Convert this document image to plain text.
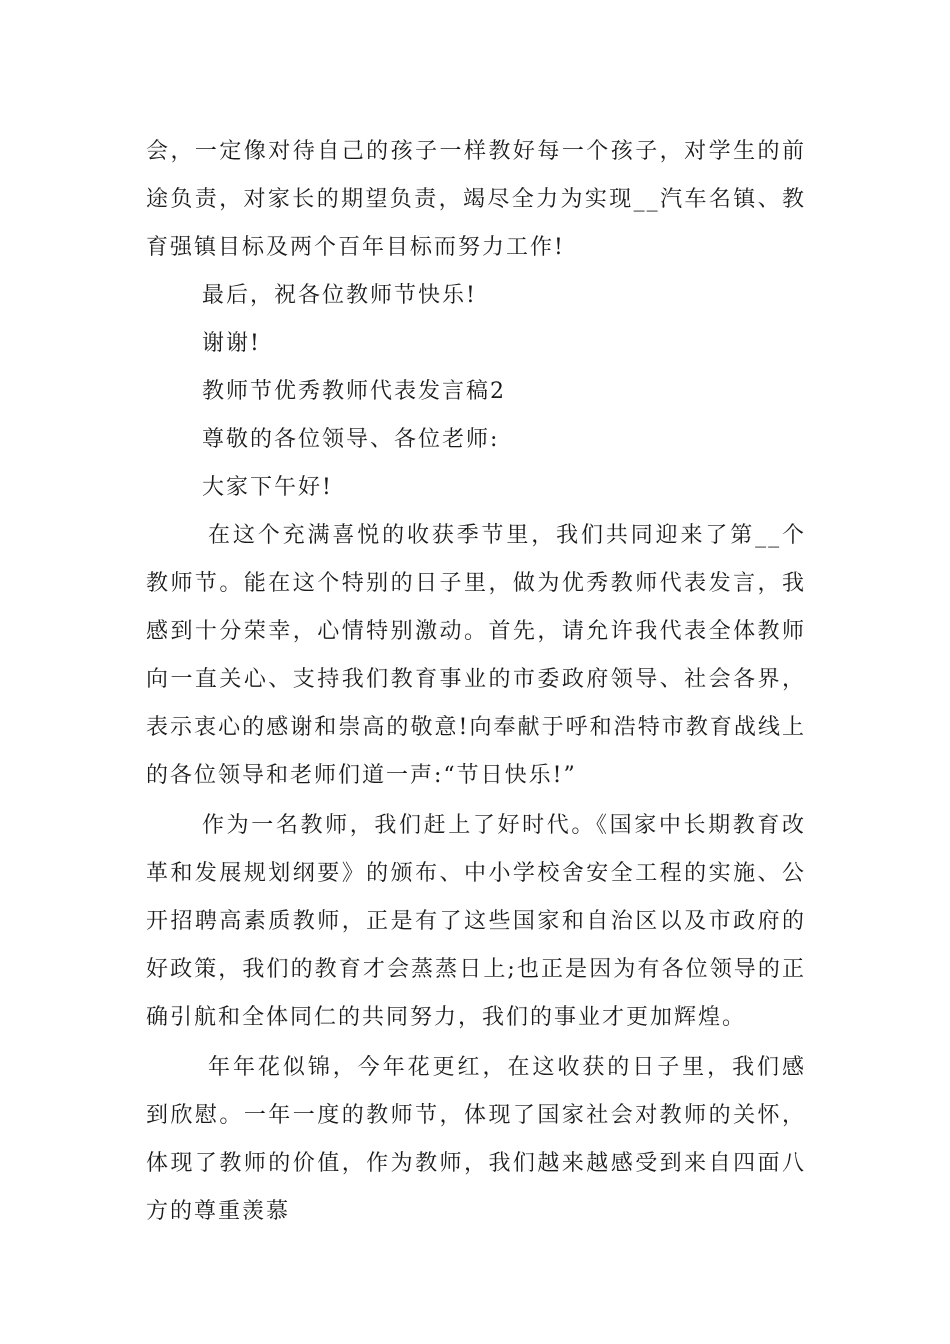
会，一定像对待自己的孩子一样教好每一个孩子，对学生的前途负责，对家长的期望负责，竭尽全力为实现__汽车名镇、教育强镇目标及两个百年目标而努力工作!

最后，祝各位教师节快乐!

谢谢!

教师节优秀教师代表发言稿2

尊敬的各位领导、各位老师:

大家下午好!

在这个充满喜悦的收获季节里，我们共同迎来了第__个教师节。能在这个特别的日子里，做为优秀教师代表发言，我感到十分荣幸，心情特别激动。首先，请允许我代表全体教师向一直关心、支持我们教育事业的市委政府领导、社会各界，表示衷心的感谢和崇高的敬意!向奉献于呼和浩特市教育战线上的各位领导和老师们道一声:“节日快乐!”

作为一名教师，我们赶上了好时代。《国家中长期教育改革和发展规划纲要》的颁布、中小学校舍安全工程的实施、公开招聘高素质教师，正是有了这些国家和自治区以及市政府的好政策，我们的教育才会蒸蒸日上;也正是因为有各位领导的正确引航和全体同仁的共同努力，我们的事业才更加辉煌。

年年花似锦，今年花更红，在这收获的日子里，我们感到欣慰。一年一度的教师节，体现了国家社会对教师的关怀，体现了教师的价值，作为教师，我们越来越感受到来自四面八方的尊重羡慕
